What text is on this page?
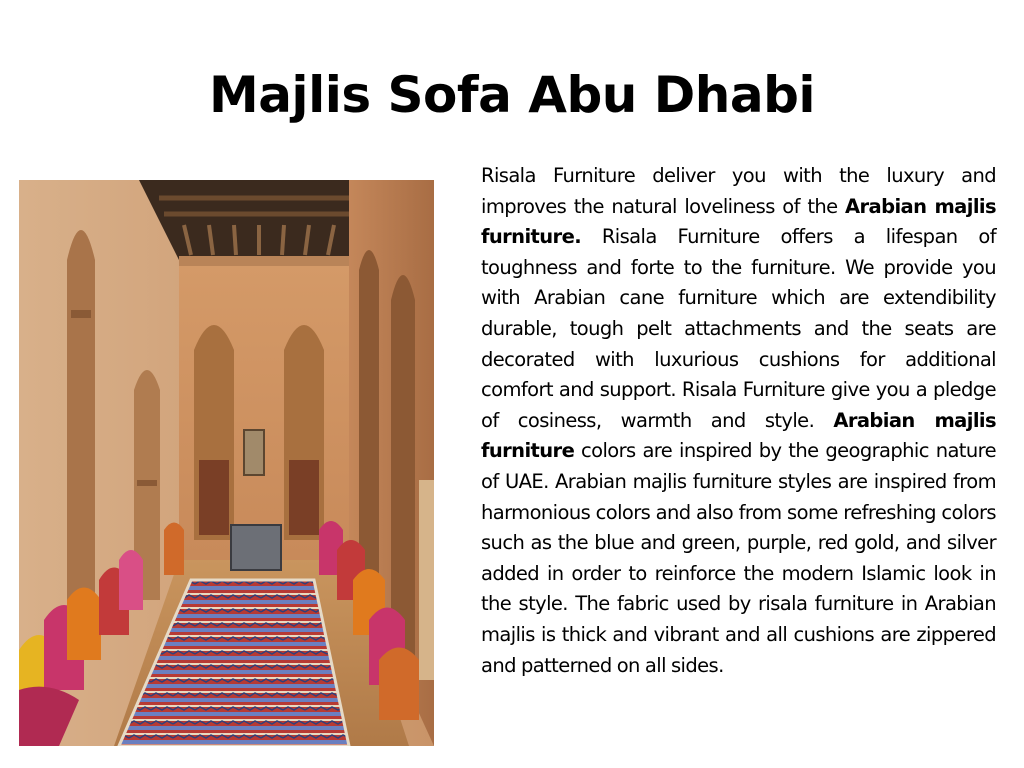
Majlis Sofa Abu Dhabi

Risala Furniture deliver you with the luxury and improves the natural loveliness of the Arabian majlis furniture. Risala Furniture offers a lifespan of toughness and forte to the furniture. We provide you with Arabian cane furniture which are extendibility durable, tough pelt attachments and the seats are decorated with luxurious cushions for additional comfort and support. Risala Furniture give you a pledge of cosiness, warmth and style. Arabian majlis furniture colors are inspired by the geographic nature of UAE. Arabian majlis furniture styles are inspired from harmonious colors and also from some refreshing colors such as the blue and green, purple, red gold, and silver added in order to reinforce the modern Islamic look in the style. The fabric used by risala furniture in Arabian majlis is thick and vibrant and all cushions are zippered and patterned on all sides.
